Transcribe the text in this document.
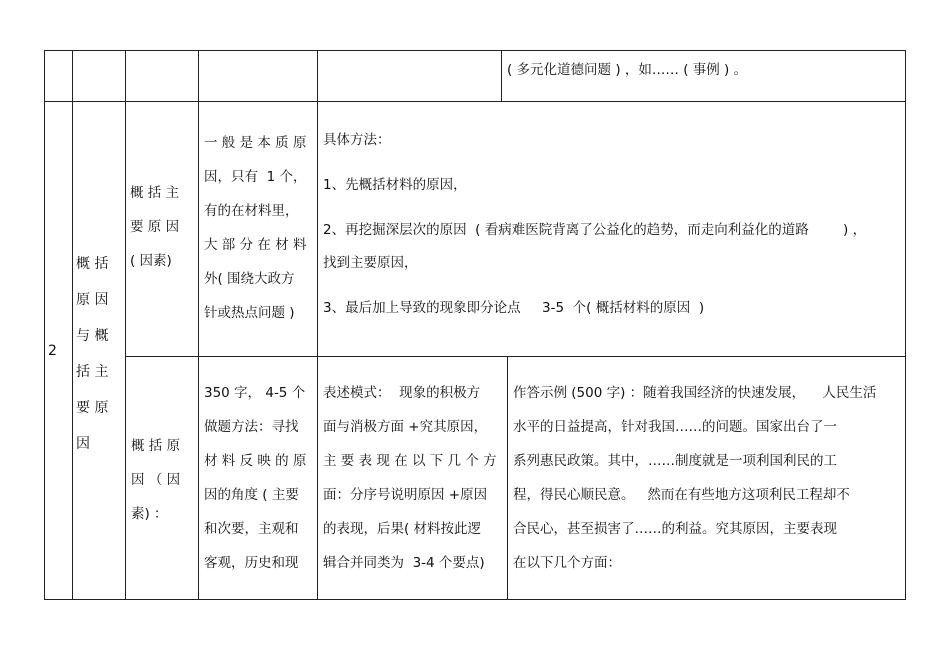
( 多元化道德问题 ) ，如…… ( 事例 ) 。
2
概 括
原 因
与 概
括 主
要 原
因
概 括 主
要 原 因
( 因素)
一 般 是 本 质 原
因，只有  1 个，
有的在材料里，
大 部 分 在 材 料
外( 围绕大政方
针或热点问题 )
具体方法：
1、先概括材料的原因，
2、再挖掘深层次的原因  ( 看病难医院背离了公益化的趋势，而走向利益化的道路        ) ，
找到主要原因，
3、最后加上导致的现象即分论点     3-5  个( 概括材料的原因  )
概 括 原
因 （ 因
素) ：
350 字， 4-5 个
做题方法：寻找
材 料 反 映 的 原
因的角度 ( 主要
和次要，主观和
客观，历史和现
表述模式：  现象的积极方
面与消极方面 +究其原因，
主 要 表 现 在 以 下 几 个 方
面：分序号说明原因 +原因
的表现，后果( 材料按此逻
辑合并同类为  3-4 个要点)
作答示例 (500 字) ：随着我国经济的快速发展，    人民生活
水平的日益提高，针对我国……的问题。国家出台了一
系列惠民政策。其中，……制度就是一项利国利民的工
程，得民心顺民意。   然而在有些地方这项利民工程却不
合民心，甚至损害了……的利益。究其原因，主要表现
在以下几个方面：
